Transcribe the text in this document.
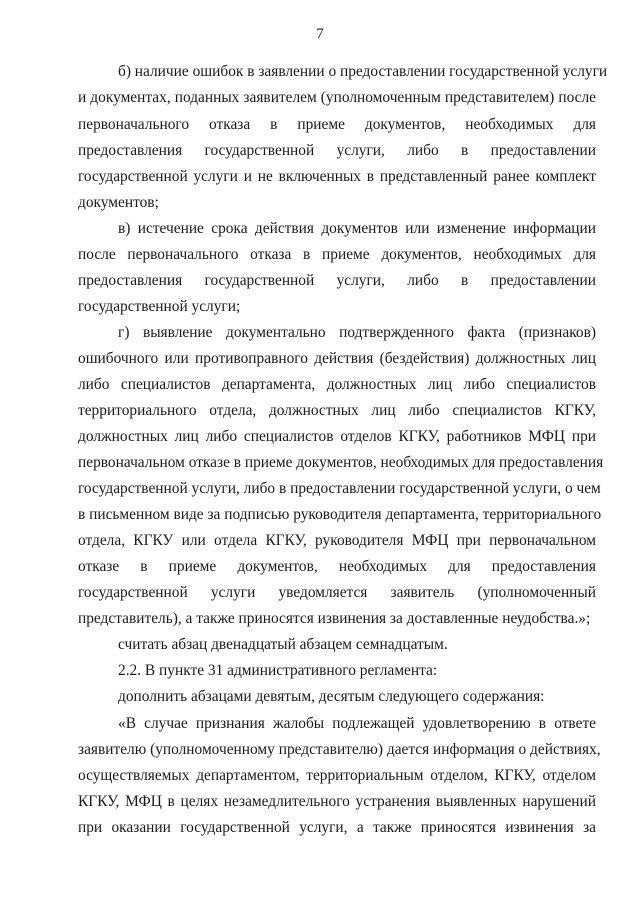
7
б) наличие ошибок в заявлении о предоставлении государственной услуги
и документах, поданных заявителем (уполномоченным представителем) после
первоначального отказа в приеме документов, необходимых для
предоставления государственной услуги, либо в предоставлении
государственной услуги и не включенных в представленный ранее комплект
документов;
в) истечение срока действия документов или изменение информации
после первоначального отказа в приеме документов, необходимых для
предоставления государственной услуги, либо в предоставлении
государственной услуги;
г) выявление документально подтвержденного факта (признаков)
ошибочного или противоправного действия (бездействия) должностных лиц
либо специалистов департамента, должностных лиц либо специалистов
территориального отдела, должностных лиц либо специалистов КГКУ,
должностных лиц либо специалистов отделов КГКУ, работников МФЦ при
первоначальном отказе в приеме документов, необходимых для предоставления
государственной услуги, либо в предоставлении государственной услуги, о чем
в письменном виде за подписью руководителя департамента, территориального
отдела, КГКУ или отдела КГКУ, руководителя МФЦ при первоначальном
отказе в приеме документов, необходимых для предоставления
государственной услуги уведомляется заявитель (уполномоченный
представитель), а также приносятся извинения за доставленные неудобства.»;
считать абзац двенадцатый абзацем семнадцатым.
2.2. В пункте 31 административного регламента:
дополнить абзацами девятым, десятым следующего содержания:
«В случае признания жалобы подлежащей удовлетворению в ответе
заявителю (уполномоченному представителю) дается информация о действиях,
осуществляемых департаментом, территориальным отделом, КГКУ, отделом
КГКУ, МФЦ в целях незамедлительного устранения выявленных нарушений
при оказании государственной услуги, а также приносятся извинения за
